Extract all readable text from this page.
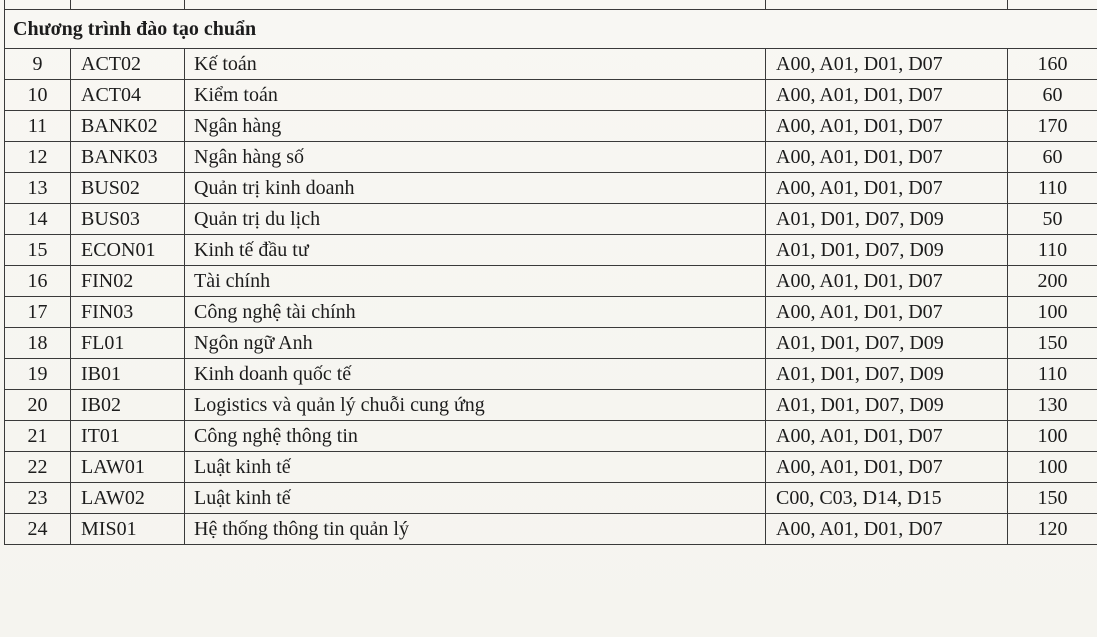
Chương trình đào tạo chuẩn				
9	ACT02	Kế toán	A00, A01, D01, D07	160
10	ACT04	Kiểm toán	A00, A01, D01, D07	60
11	BANK02	Ngân hàng	A00, A01, D01, D07	170
12	BANK03	Ngân hàng số	A00, A01, D01, D07	60
13	BUS02	Quản trị kinh doanh	A00, A01, D01, D07	110
14	BUS03	Quản trị du lịch	A01, D01, D07, D09	50
15	ECON01	Kinh tế đầu tư	A01, D01, D07, D09	110
16	FIN02	Tài chính	A00, A01, D01, D07	200
17	FIN03	Công nghệ tài chính	A00, A01, D01, D07	100
18	FL01	Ngôn ngữ Anh	A01, D01, D07, D09	150
19	IB01	Kinh doanh quốc tế	A01, D01, D07, D09	110
20	IB02	Logistics và quản lý chuỗi cung ứng	A01, D01, D07, D09	130
21	IT01	Công nghệ thông tin	A00, A01, D01, D07	100
22	LAW01	Luật kinh tế	A00, A01, D01, D07	100
23	LAW02	Luật kinh tế	C00, C03, D14, D15	150
24	MIS01	Hệ thống thông tin quản lý	A00, A01, D01, D07	120
